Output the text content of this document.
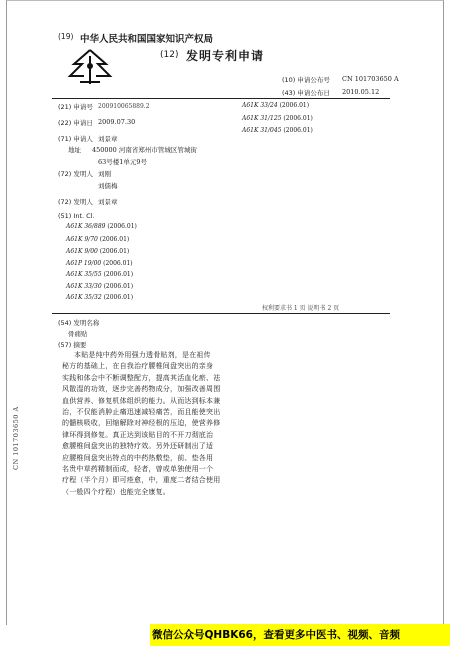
(19) 中华人民共和国国家知识产权局
(12) 发明专利申请
(10) 申请公布号 CN 101703650 A
(43) 申请公布日 2010.05.12
(21) 申请号 200910065889.2
(22) 申请日 2009.07.30
(71) 申请人 刘景章
地址 450000 河南省郑州市管城区管城街
63号楼1单元9号
(72) 发明人 刘刚
刘儒梅
(72) 发明人 刘景章
(51) Int. Cl.
A61K 36/889 (2006.01)
A61K 9/70 (2006.01)
A61K 9/00 (2006.01)
A61P 19/00 (2006.01)
A61K 35/55 (2006.01)
A61K 33/30 (2006.01)
A61K 35/32 (2006.01)
A61K 33/24 (2006.01)
A61K 31/125 (2006.01)
A61K 31/045 (2006.01)
权利要求书 1 页 说明书 2 页
(54) 发明名称
骨痛贴
(57) 摘要
本贴是纯中药外用强力透骨贴剂，是在祖传
秘方的基础上，在自我治疗腰椎间盘突出的亲身
实践和体会中不断调整配方，提高其活血化瘀、祛
风散湿的功效，逐步完善药物成分，加强改善周围
血供营养、修复机体组织的能力。从而达到标本兼
治，不仅能消肿止痛迅速减轻痛苦，而且能使突出
的髓核吸收，回缩解除对神经根的压迫，使营养修
律环得到修复。真正达到该贴目的不开刀彻底治
愈腰椎间盘突出的独特疗效。另外还研制出了适
应腰椎间盘突出特点的中药热敷垫，前、垫各用
名贵中草药精制而成，轻者，曾或单独使用一个
疗程（半个月）即可痊愈，中，重度二者结合使用
（一般四个疗程）也能完全康复。
CN 101703650 A
微信公众号QHBK66，查看更多中医书、视频、音频
